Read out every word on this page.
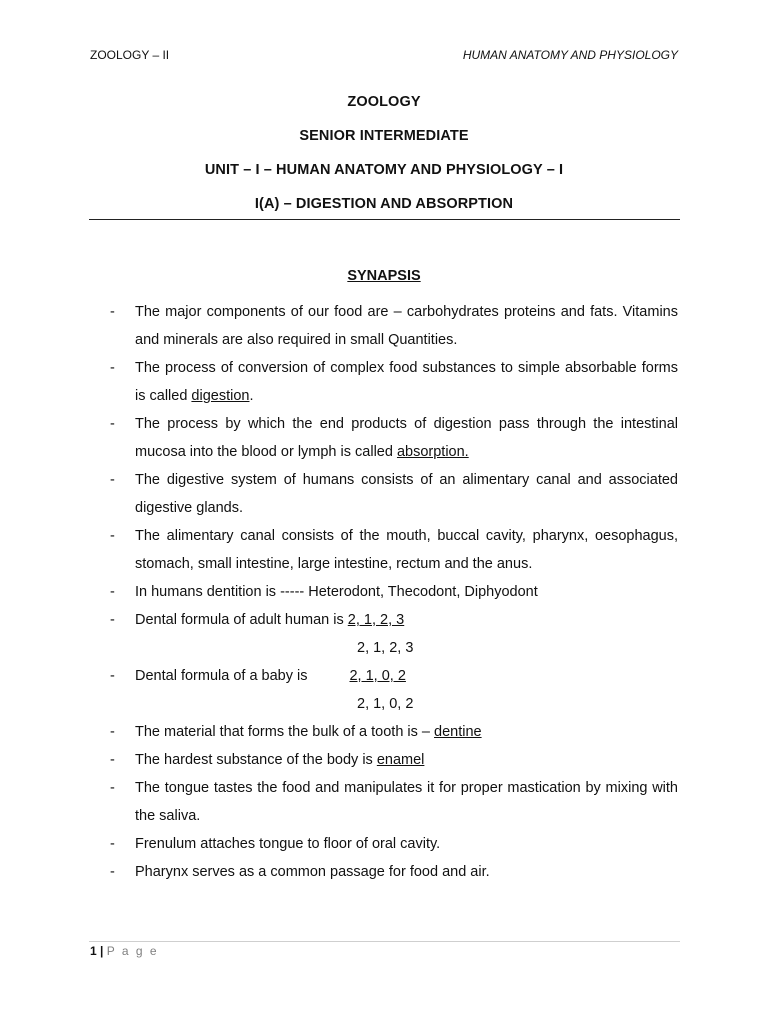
ZOOLOGY – II	HUMAN ANATOMY AND PHYSIOLOGY
ZOOLOGY
SENIOR INTERMEDIATE
UNIT – I – HUMAN ANATOMY AND PHYSIOLOGY – I
I(A) – DIGESTION AND ABSORPTION
SYNAPSIS
- The major components of our food are – carbohydrates proteins and fats. Vitamins and minerals are also required in small Quantities.
- The process of conversion of complex food substances to simple absorbable forms is called digestion.
- The process by which the end products of digestion pass through the intestinal mucosa into the blood or lymph is called absorption.
- The digestive system of humans consists of an alimentary canal and associated digestive glands.
- The alimentary canal consists of the mouth, buccal cavity, pharynx, oesophagus, stomach, small intestine, large intestine, rectum and the anus.
- In humans dentition is ----- Heterodont, Thecodont, Diphyodont
- Dental formula of adult human is 2, 1, 2, 3
2, 1, 2, 3
- Dental formula of a baby is	2, 1, 0, 2
2, 1, 0, 2
- The material that forms the bulk of a tooth is – dentine
- The hardest substance of the body is enamel
- The tongue tastes the food and manipulates it for proper mastication by mixing with the saliva.
- Frenulum attaches tongue to floor of oral cavity.
- Pharynx serves as a common passage for food and air.
1 | P a g e
